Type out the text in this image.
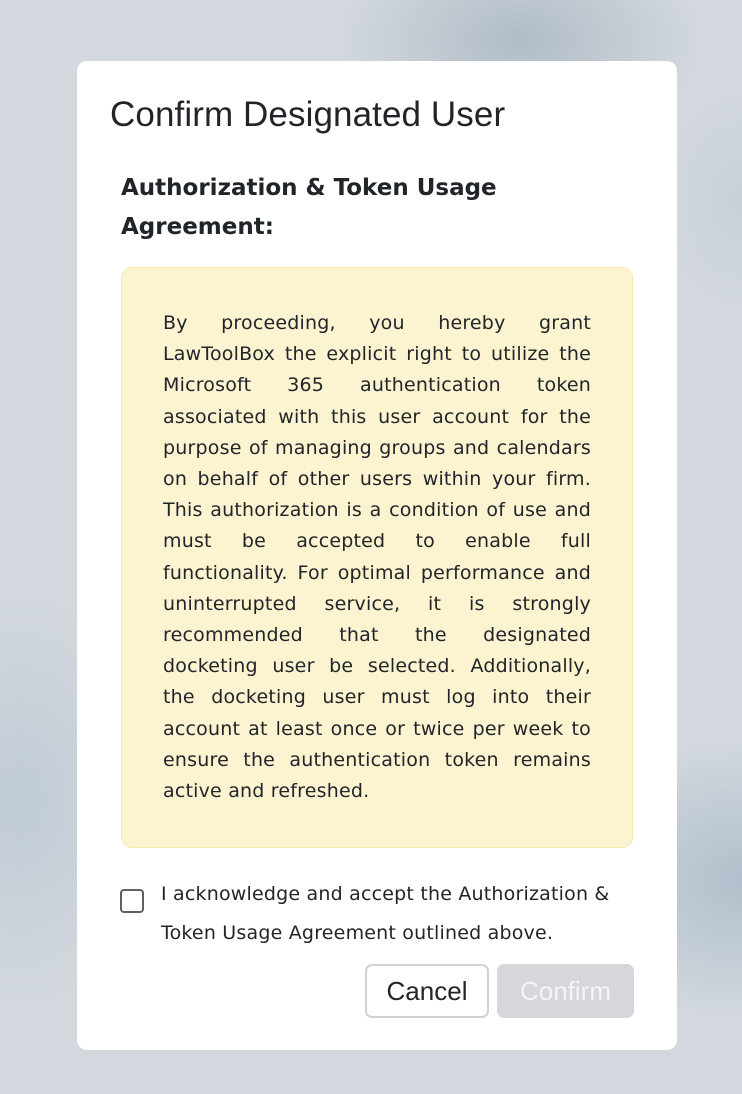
Confirm Designated User
Authorization & Token Usage Agreement:

By proceeding, you hereby grant LawToolBox the explicit right to utilize the Microsoft 365 authentication token associated with this user account for the purpose of managing groups and calendars on behalf of other users within your firm. This authorization is a condition of use and must be accepted to enable full functionality. For optimal performance and uninterrupted service, it is strongly recommended that the designated docketing user be selected. Additionally, the docketing user must log into their account at least once or twice per week to ensure the authentication token remains active and refreshed.

I acknowledge and accept the Authorization & Token Usage Agreement outlined above.

Cancel	Confirm
